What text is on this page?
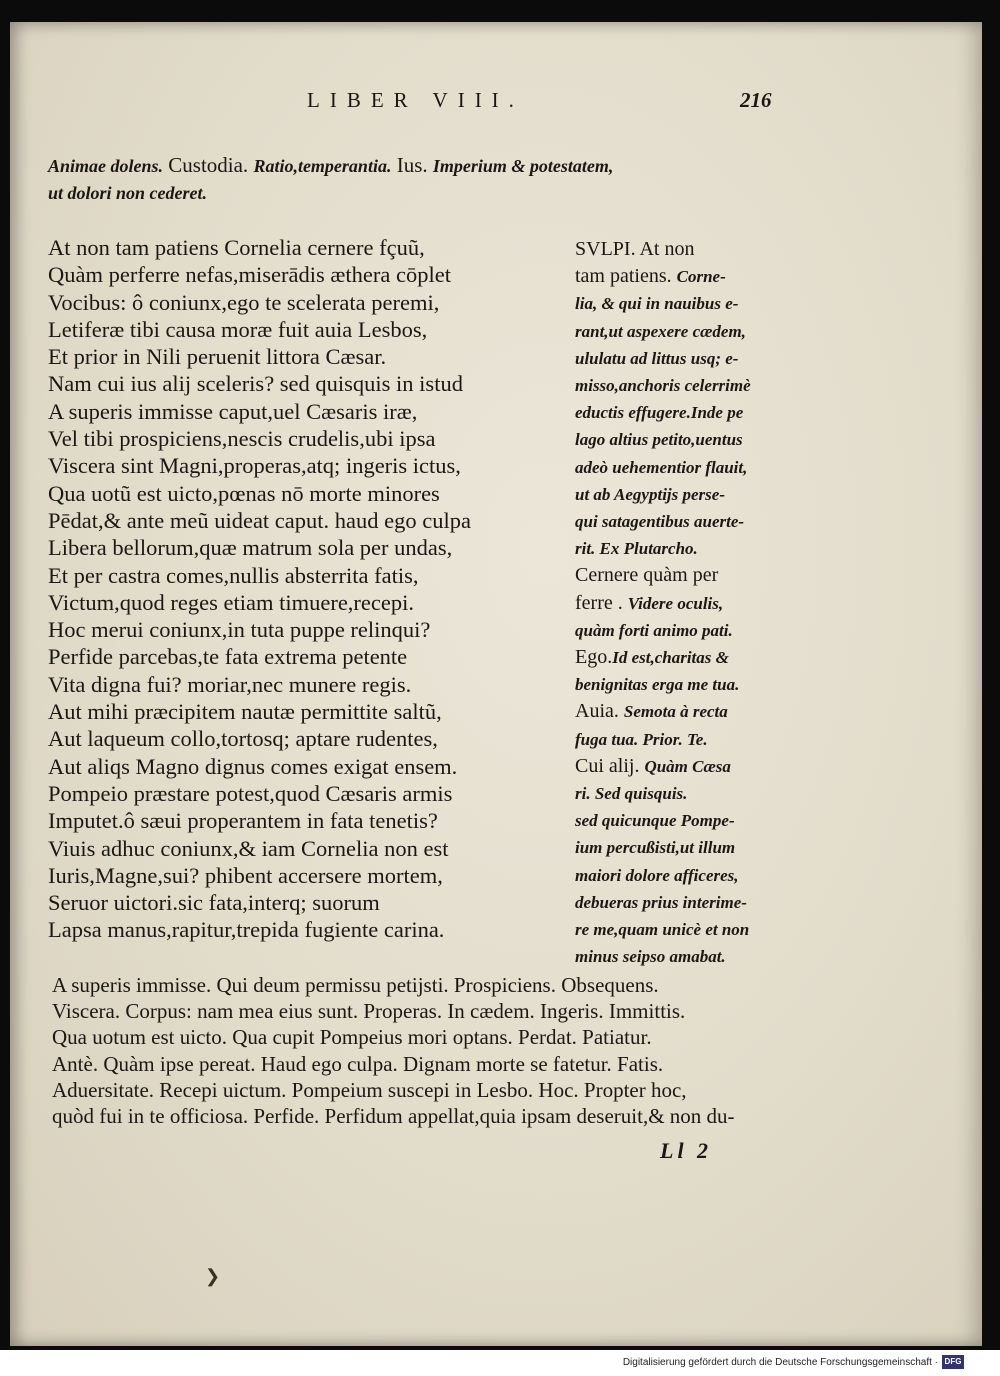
LIBER VIII.	216
Animae dolens. Custodia. Ratio,temperantia. Ius. Imperium & potestatem,
ut dolori non cederet.
At non tam patiens Cornelia cernere fçuũ,
Quàm perferre nefas,miserādis æthera cōplet
Vocibus: ô coniunx,ego te scelerata peremi,
Letiferæ tibi causa moræ fuit auia Lesbos,
Et prior in Nili peruenit littora Cæsar.
Nam cui ius alij sceleris? sed quisquis in istud
A superis immisse caput,uel Cæsaris iræ,
Vel tibi prospiciens,nescis crudelis,ubi ipsa
Viscera sint Magni,properas,atq; ingeris ictus,
Qua uotũ est uicto,pœnas nō morte minores
Pēdat,& ante meũ uideat caput. haud ego culpa
Libera bellorum,quæ matrum sola per undas,
Et per castra comes,nullis absterrita fatis,
Victum,quod reges etiam timuere,recepi.
Hoc merui coniunx,in tuta puppe relinqui?
Perfide parcebas,te fata extrema petente
Vita digna fui? moriar,nec munere regis.
Aut mihi præcipitem nautæ permittite saltũ,
Aut laqueum collo,tortosq; aptare rudentes,
Aut aliqs Magno dignus comes exigat ensem.
Pompeio præstare potest,quod Cæsaris armis
Imputet.ô sæui properantem in fata tenetis?
Viuis adhuc coniunx,& iam Cornelia non est
Iuris,Magne,sui? phibent accersere mortem,
Seruor uictori.sic fata,interq; suorum
Lapsa manus,rapitur,trepida fugiente carina.
SVLPI. At non
tam patiens. Corne-
lia, & qui in nauibus e-
rant,ut aspexere cædem,
ululatu ad littus usq; e-
misso,anchoris celerrimè
eductis effugere.Inde pe
lago altius petito,uentus
adeò uehementior flauit,
ut ab Aegyptijs perse-
qui satagentibus auerte-
rit. Ex Plutarcho.
Cernere quàm per
ferre . Videre oculis,
quàm forti animo pati.
Ego.Id est,charitas &
benignitas erga me tua.
Auia. Semota à recta
fuga tua. Prior. Te.
Cui alij. Quàm Cæsa
ri. Sed quisquis.
sed quicunque Pompe-
ium percußisti,ut illum
maiori dolore afficeres,
debueras prius interime-
re me,quam unicè et non
minus seipso amabat.
A superis immisse. Qui deum permissu petijsti. Prospiciens. Obsequens.
Viscera. Corpus: nam mea eius sunt. Properas. In cædem. Ingeris. Immittis.
Qua uotum est uicto. Qua cupit Pompeius mori optans. Perdat. Patiatur.
Antè. Quàm ipse pereat. Haud ego culpa. Dignam morte se fatetur. Fatis.
Aduersitate. Recepi uictum. Pompeium suscepi in Lesbo. Hoc. Propter hoc,
quòd fui in te officiosa. Perfide. Perfidum appellat,quia ipsam deseruit,& non du-
Ll 2
❯
Digitalisierung gefördert durch die Deutsche Forschungsgemeinschaft · DFG
